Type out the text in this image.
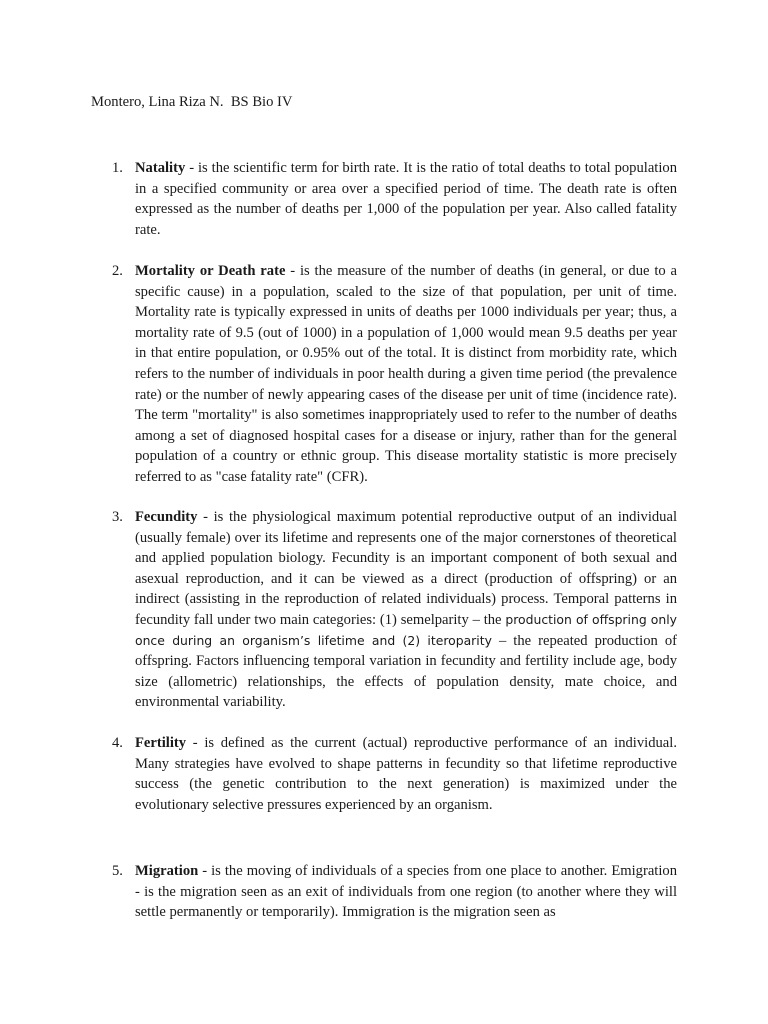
Montero, Lina Riza N. BS Bio IV
1. Natality - is the scientific term for birth rate. It is the ratio of total deaths to total population in a specified community or area over a specified period of time. The death rate is often expressed as the number of deaths per 1,000 of the population per year. Also called fatality rate.
2. Mortality or Death rate - is the measure of the number of deaths (in general, or due to a specific cause) in a population, scaled to the size of that population, per unit of time. Mortality rate is typically expressed in units of deaths per 1000 individuals per year; thus, a mortality rate of 9.5 (out of 1000) in a population of 1,000 would mean 9.5 deaths per year in that entire population, or 0.95% out of the total. It is distinct from morbidity rate, which refers to the number of individuals in poor health during a given time period (the prevalence rate) or the number of newly appearing cases of the disease per unit of time (incidence rate). The term "mortality" is also sometimes inappropriately used to refer to the number of deaths among a set of diagnosed hospital cases for a disease or injury, rather than for the general population of a country or ethnic group. This disease mortality statistic is more precisely referred to as "case fatality rate" (CFR).
3. Fecundity - is the physiological maximum potential reproductive output of an individual (usually female) over its lifetime and represents one of the major cornerstones of theoretical and applied population biology. Fecundity is an important component of both sexual and asexual reproduction, and it can be viewed as a direct (production of offspring) or an indirect (assisting in the reproduction of related individuals) process. Temporal patterns in fecundity fall under two main categories: (1) semelparity – the production of offspring only once during an organism’s lifetime and (2) iteroparity – the repeated production of offspring. Factors influencing temporal variation in fecundity and fertility include age, body size (allometric) relationships, the effects of population density, mate choice, and environmental variability.
4. Fertility - is defined as the current (actual) reproductive performance of an individual. Many strategies have evolved to shape patterns in fecundity so that lifetime reproductive success (the genetic contribution to the next generation) is maximized under the evolutionary selective pressures experienced by an organism.
5. Migration - is the moving of individuals of a species from one place to another. Emigration - is the migration seen as an exit of individuals from one region (to another where they will settle permanently or temporarily). Immigration is the migration seen as
